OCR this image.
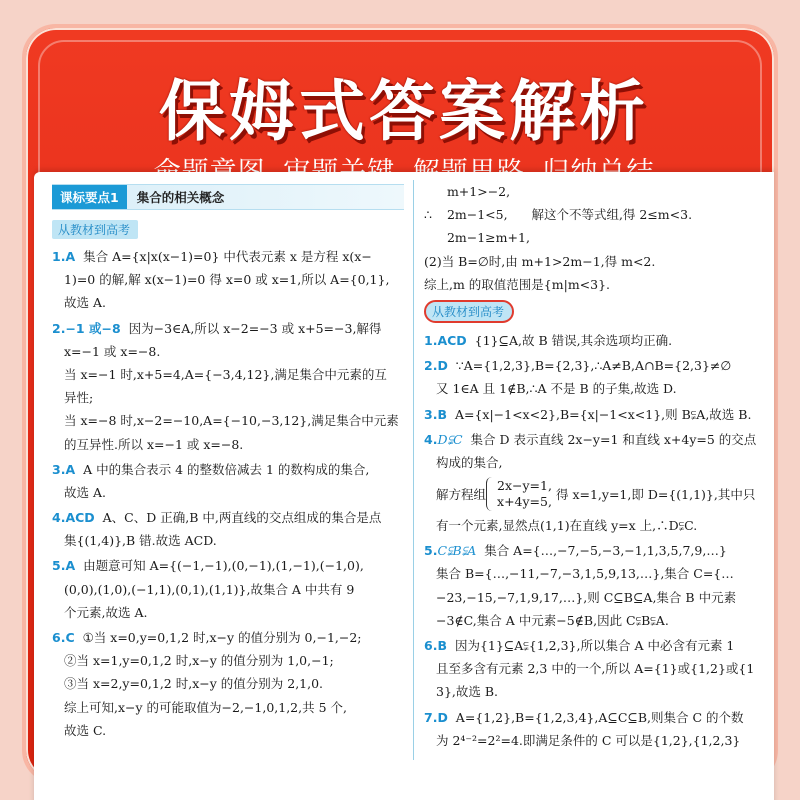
保姆式答案解析
课标要点1	集合的相关概念
从教材到高考
1.A 集合 A={x|x(x−1)=0} 中代表元素 x 是方程 x(x−
1)=0 的解,解 x(x−1)=0 得 x=0 或 x=1,所以 A={0,1},
故选 A.
2.−1 或−8 因为−3∈A,所以 x−2=−3 或 x+5=−3,解得
x=−1 或 x=−8.
当 x=−1 时,x+5=4,A={−3,4,12},满足集合中元素的互
异性;
当 x=−8 时,x−2=−10,A={−10,−3,12},满足集合中元素
的互异性.所以 x=−1 或 x=−8.
3.A A 中的集合表示 4 的整数倍减去 1 的数构成的集合,
故选 A.
4.ACD A、C、D 正确,B 中,两直线的交点组成的集合是点
集{(1,4)},B 错.故选 ACD.
5.A 由题意可知 A={(−1,−1),(0,−1),(1,−1),(−1,0),
(0,0),(1,0),(−1,1),(0,1),(1,1)},故集合 A 中共有 9
个元素,故选 A.
6.C ①当 x=0,y=0,1,2 时,x−y 的值分别为 0,−1,−2;
②当 x=1,y=0,1,2 时,x−y 的值分别为 1,0,−1;
③当 x=2,y=0,1,2 时,x−y 的值分别为 2,1,0.
综上可知,x−y 的可能取值为−2,−1,0,1,2,共 5 个,
故选 C.
∴
m+1>−2,
2m−1<5, 解这个不等式组,得 2≤m<3.
2m−1≥m+1,
(2)当 B=∅时,由 m+1>2m−1,得 m<2.
综上,m 的取值范围是{m|m<3}.
从教材到高考
1.ACD {1}⊆A,故 B 错误,其余选项均正确.
2.D ∵A={1,2,3},B={2,3},∴A≠B,A∩B={2,3}≠∅
又 1∈A 且 1∉B,∴A 不是 B 的子集,故选 D.
3.B A={x|−1<x<2},B={x|−1<x<1},则 B⫋A,故选 B.
4.D⫋C 集合 D 表示直线 2x−y=1 和直线 x+4y=5 的交点
构成的集合,
解方程组
2x−y=1,
x+4y=5, 得 x=1,y=1,即 D={(1,1)},其中只
有一个元素,显然点(1,1)在直线 y=x 上,∴D⫋C.
5.C⫋B⫋A 集合 A={…,−7,−5,−3,−1,1,3,5,7,9,…}
集合 B={…,−11,−7,−3,1,5,9,13,…},集合 C={…
−23,−15,−7,1,9,17,…},则 C⊆B⊆A,集合 B 中元素
−3∉C,集合 A 中元素−5∉B,因此 C⫋B⫋A.
6.B 因为{1}⊆A⫋{1,2,3},所以集合 A 中必含有元素 1
且至多含有元素 2,3 中的一个,所以 A={1}或{1,2}或{1
3},故选 B.
7.D A={1,2},B={1,2,3,4},A⊆C⊆B,则集合 C 的个数
为 2⁴⁻²=2²=4.即满足条件的 C 可以是{1,2},{1,2,3}
